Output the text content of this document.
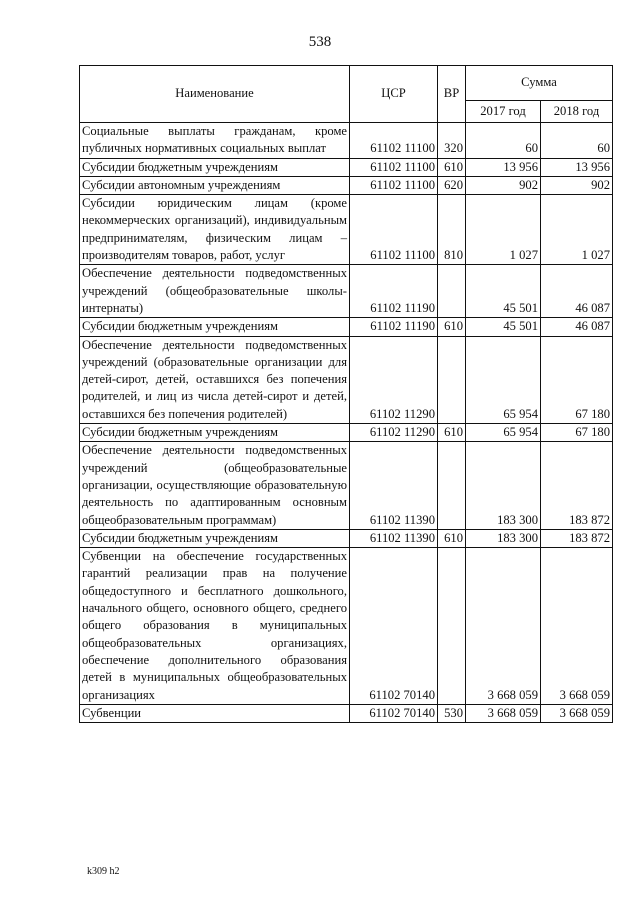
538
Наименование	ЦСР	ВР	Сумма	
			2017 год	2018 год
Социальные выплаты гражданам, кроме публичных нормативных социальных выплат	61102 11100	320	60	60
Субсидии бюджетным учреждениям	61102 11100	610	13 956	13 956
Субсидии автономным учреждениям	61102 11100	620	902	902
Субсидии юридическим лицам (кроме некоммерческих организаций), индивидуальным предпринимателям, физическим лицам – производителям товаров, работ, услуг	61102 11100	810	1 027	1 027
Обеспечение деятельности подведомственных учреждений (общеобразовательные школы-интернаты)	61102 11190		45 501	46 087
Субсидии бюджетным учреждениям	61102 11190	610	45 501	46 087
Обеспечение деятельности подведомственных учреждений (образовательные организации для детей-сирот, детей, оставшихся без попечения родителей, и лиц из числа детей-сирот и детей, оставшихся без попечения родителей)	61102 11290		65 954	67 180
Субсидии бюджетным учреждениям	61102 11290	610	65 954	67 180
Обеспечение деятельности подведомственных учреждений (общеобразовательные организации, осуществляющие образовательную деятельность по адаптированным основным общеобразовательным программам)	61102 11390		183 300	183 872
Субсидии бюджетным учреждениям	61102 11390	610	183 300	183 872
Субвенции на обеспечение государственных гарантий реализации прав на получение общедоступного и бесплатного дошкольного, начального общего, основного общего, среднего общего образования в муниципальных общеобразовательных организациях, обеспечение дополнительного образования детей в муниципальных общеобразовательных организациях	61102 70140		3 668 059	3 668 059
Субвенции	61102 70140	530	3 668 059	3 668 059
k309 h2
